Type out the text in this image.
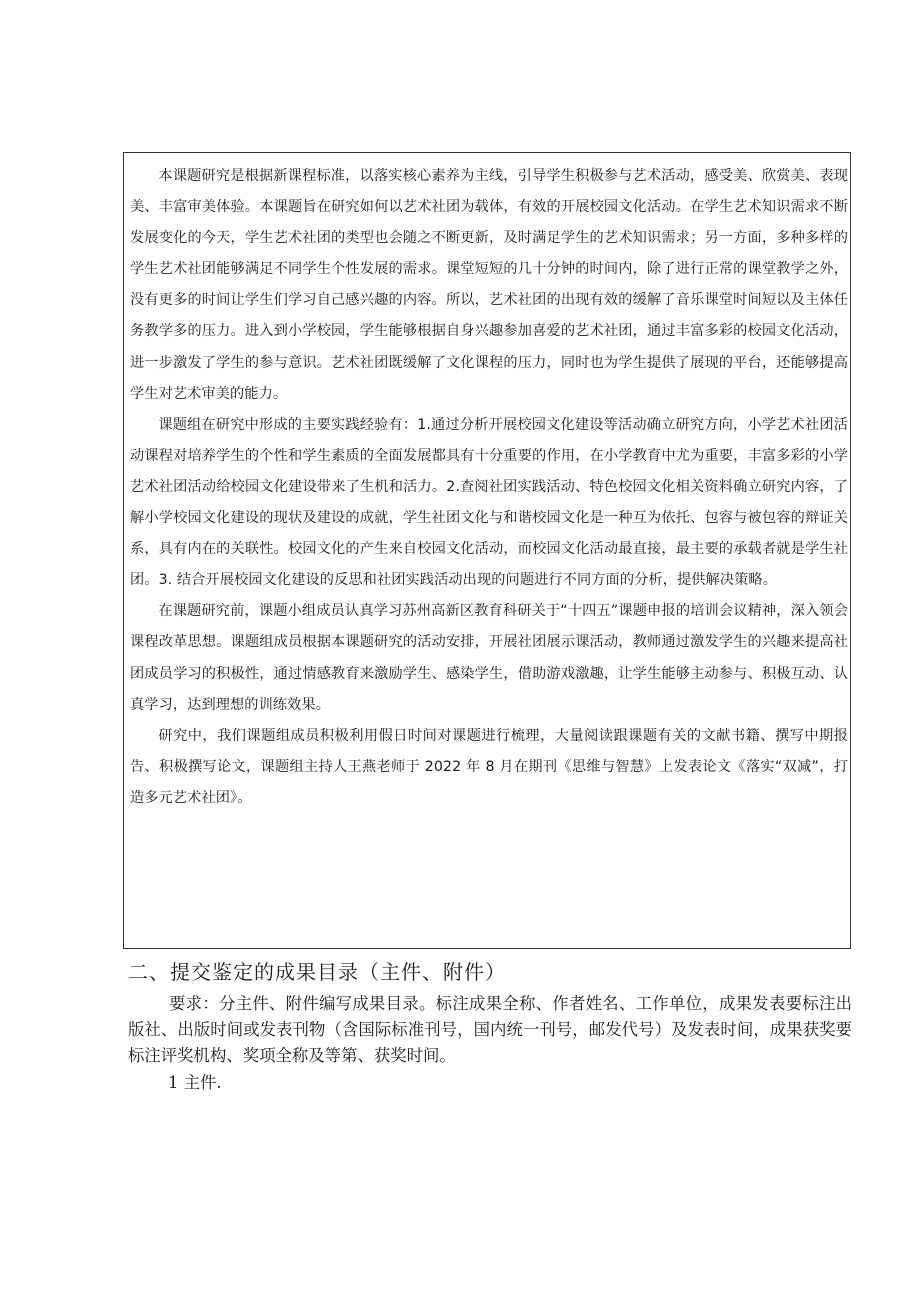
本课题研究是根据新课程标准，以落实核心素养为主线，引导学生积极参与艺术活动，感受美、欣赏美、表现美、丰富审美体验。本课题旨在研究如何以艺术社团为载体，有效的开展校园文化活动。在学生艺术知识需求不断发展变化的今天，学生艺术社团的类型也会随之不断更新，及时满足学生的艺术知识需求；另一方面，多种多样的学生艺术社团能够满足不同学生个性发展的需求。课堂短短的几十分钟的时间内，除了进行正常的课堂教学之外，没有更多的时间让学生们学习自己感兴趣的内容。所以，艺术社团的出现有效的缓解了音乐课堂时间短以及主体任务教学多的压力。进入到小学校园，学生能够根据自身兴趣参加喜爱的艺术社团，通过丰富多彩的校园文化活动，进一步激发了学生的参与意识。艺术社团既缓解了文化课程的压力，同时也为学生提供了展现的平台，还能够提高学生对艺术审美的能力。

课题组在研究中形成的主要实践经验有：1.通过分析开展校园文化建设等活动确立研究方向，小学艺术社团活动课程对培养学生的个性和学生素质的全面发展都具有十分重要的作用，在小学教育中尤为重要，丰富多彩的小学艺术社团活动给校园文化建设带来了生机和活力。2.查阅社团实践活动、特色校园文化相关资料确立研究内容，了解小学校园文化建设的现状及建设的成就，学生社团文化与和谐校园文化是一种互为依托、包容与被包容的辩证关系，具有内在的关联性。校园文化的产生来自校园文化活动，而校园文化活动最直接，最主要的承载者就是学生社团。3. 结合开展校园文化建设的反思和社团实践活动出现的问题进行不同方面的分析，提供解决策略。

在课题研究前，课题小组成员认真学习苏州高新区教育科研关于“十四五”课题申报的培训会议精神，深入领会课程改革思想。课题组成员根据本课题研究的活动安排，开展社团展示课活动，教师通过激发学生的兴趣来提高社团成员学习的积极性，通过情感教育来激励学生、感染学生，借助游戏激趣，让学生能够主动参与、积极互动、认真学习，达到理想的训练效果。

研究中，我们课题组成员积极利用假日时间对课题进行梳理，大量阅读跟课题有关的文献书籍、撰写中期报告、积极撰写论文，课题组主持人王燕老师于 2022 年 8 月在期刊《思维与智慧》上发表论文《落实“双减”，打造多元艺术社团》。

二、提交鉴定的成果目录（主件、附件）

要求：分主件、附件编写成果目录。标注成果全称、作者姓名、工作单位，成果发表要标注出版社、出版时间或发表刊物（含国际标准刊号，国内统一刊号，邮发代号）及发表时间，成果获奖要标注评奖机构、奖项全称及等第、获奖时间。

1 主件.
